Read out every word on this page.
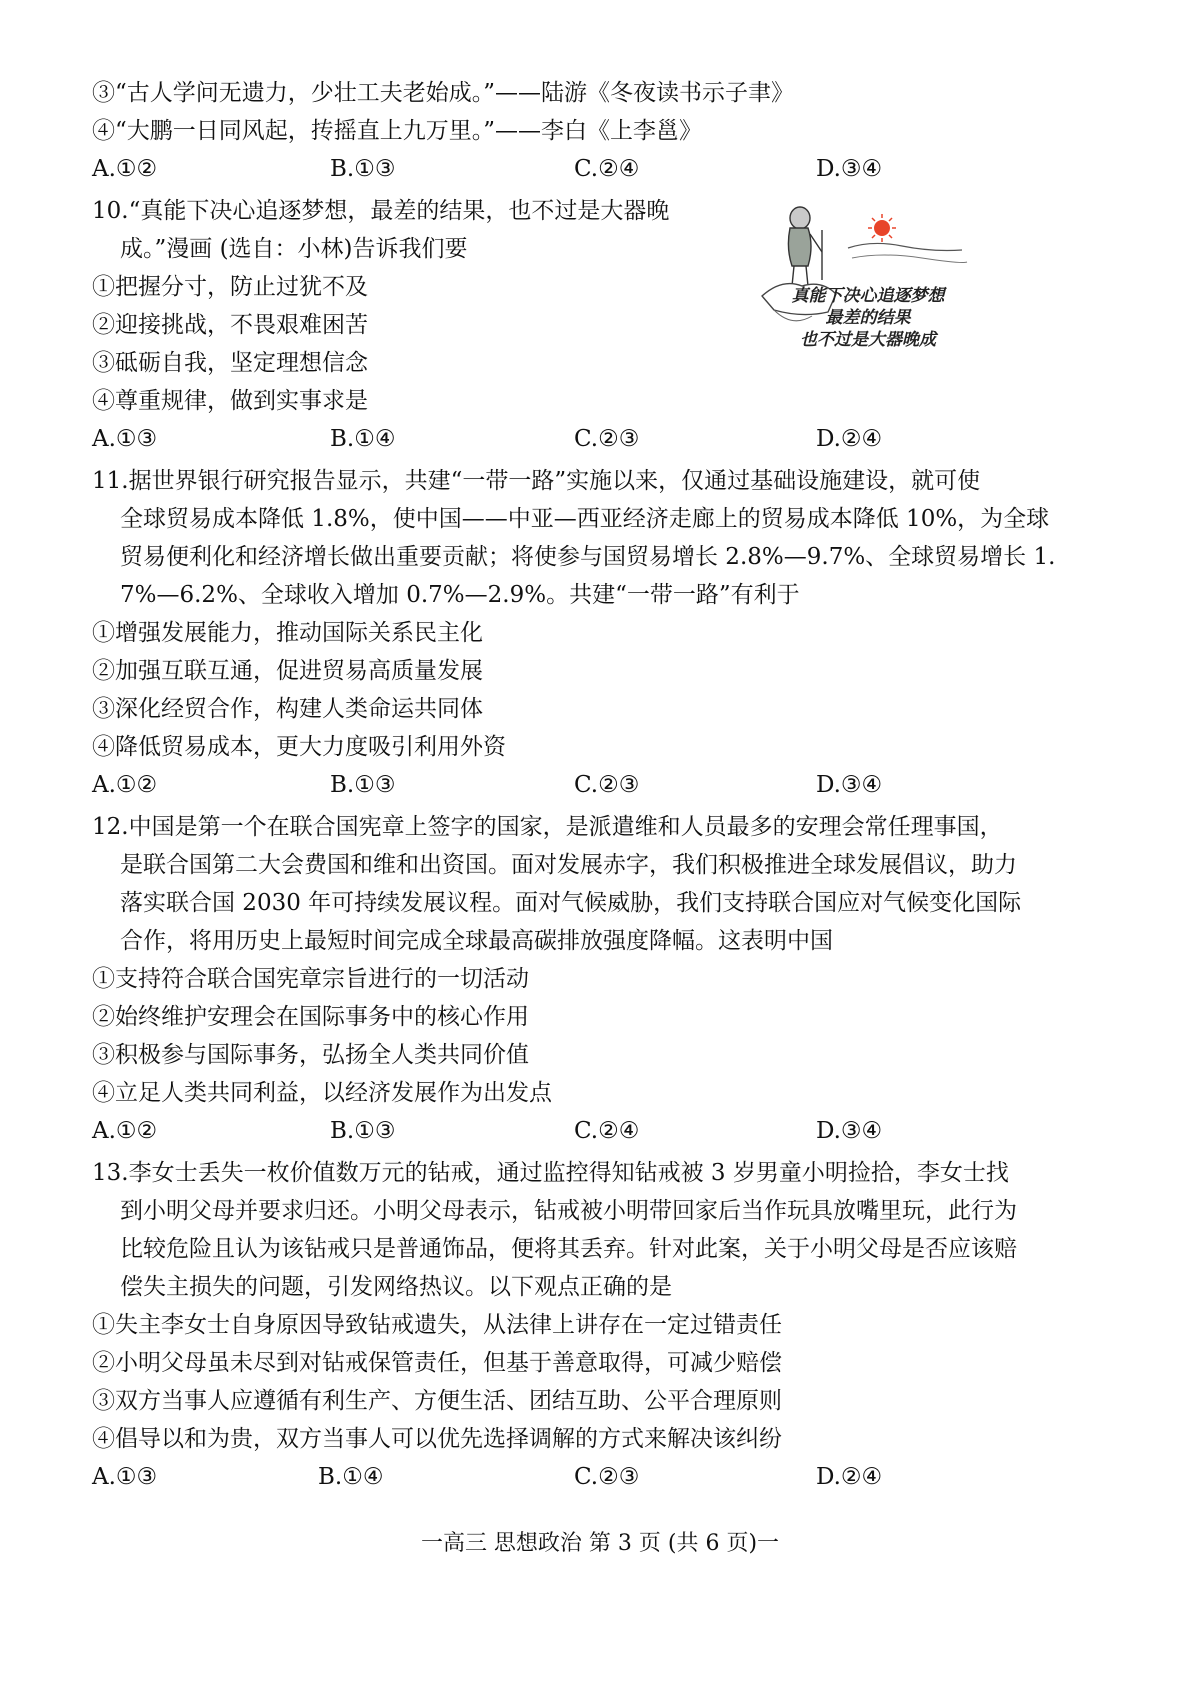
③“古人学问无遗力，少壮工夫老始成。”——陆游《冬夜读书示子聿》
④“大鹏一日同风起，抟摇直上九万里。”——李白《上李邕》
A.①②	B.①③	C.②④	D.③④
10.“真能下决心追逐梦想，最差的结果，也不过是大器晚
成。”漫画 (选自：小林)告诉我们要
①把握分寸，防止过犹不及
②迎接挑战，不畏艰难困苦
③砥砺自我，坚定理想信念
④尊重规律，做到实事求是
A.①③	B.①④	C.②③	D.②④
真能下决心追逐梦想
最差的结果
也不过是大器晚成
11.据世界银行研究报告显示，共建“一带一路”实施以来，仅通过基础设施建设，就可使
全球贸易成本降低 1.8%，使中国——中亚—西亚经济走廊上的贸易成本降低 10%，为全球
贸易便利化和经济增长做出重要贡献；将使参与国贸易增长 2.8%—9.7%、全球贸易增长 1.
7%—6.2%、全球收入增加 0.7%—2.9%。共建“一带一路”有利于
①增强发展能力，推动国际关系民主化
②加强互联互通，促进贸易高质量发展
③深化经贸合作，构建人类命运共同体
④降低贸易成本，更大力度吸引利用外资
A.①②	B.①③	C.②③	D.③④
12.中国是第一个在联合国宪章上签字的国家，是派遣维和人员最多的安理会常任理事国，
是联合国第二大会费国和维和出资国。面对发展赤字，我们积极推进全球发展倡议，助力
落实联合国 2030 年可持续发展议程。面对气候威胁，我们支持联合国应对气候变化国际
合作，将用历史上最短时间完成全球最高碳排放强度降幅。这表明中国
①支持符合联合国宪章宗旨进行的一切活动
②始终维护安理会在国际事务中的核心作用
③积极参与国际事务，弘扬全人类共同价值
④立足人类共同利益，以经济发展作为出发点
A.①②	B.①③	C.②④	D.③④
13.李女士丢失一枚价值数万元的钻戒，通过监控得知钻戒被 3 岁男童小明捡拾，李女士找
到小明父母并要求归还。小明父母表示，钻戒被小明带回家后当作玩具放嘴里玩，此行为
比较危险且认为该钻戒只是普通饰品，便将其丢弃。针对此案，关于小明父母是否应该赔
偿失主损失的问题，引发网络热议。以下观点正确的是
①失主李女士自身原因导致钻戒遗失，从法律上讲存在一定过错责任
②小明父母虽未尽到对钻戒保管责任，但基于善意取得，可减少赔偿
③双方当事人应遵循有利生产、方便生活、团结互助、公平合理原则
④倡导以和为贵，双方当事人可以优先选择调解的方式来解决该纠纷
A.①③	B.①④	C.②③	D.②④
一高三 思想政治 第 3 页 (共 6 页)一
